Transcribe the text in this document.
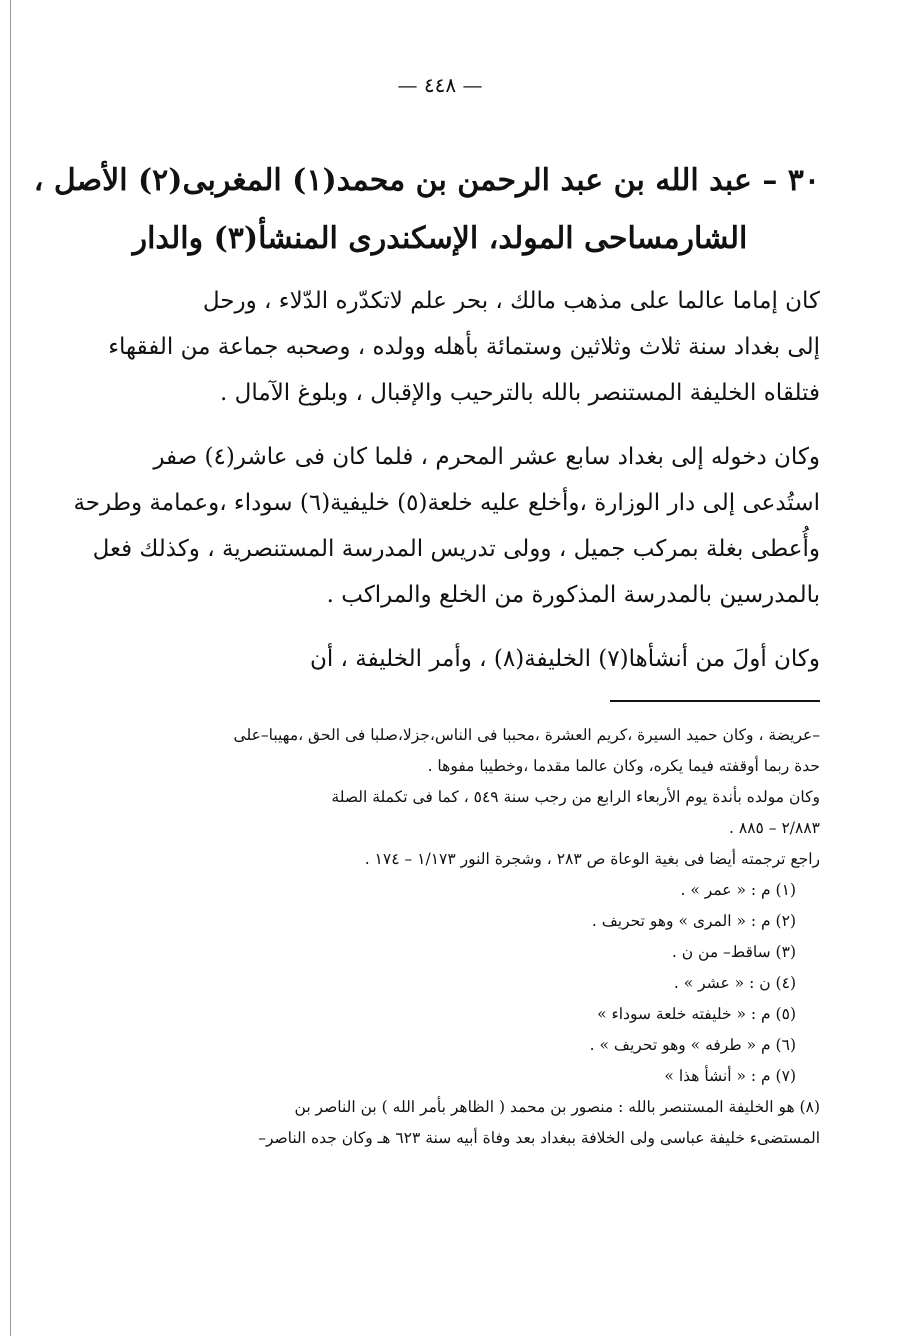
— ٤٤٨ —
٣٠ – عبد الله بن عبد الرحمن بن محمد(١) المغربى(٢) الأصل ،
الشارمساحى المولد، الإسكندرى المنشأ(٣) والدار
كان إماما عالما على مذهب مالك ، بحر علم لاتكدّره الدّلاء ، ورحل
إلى بغداد سنة ثلاث وثلاثين وستمائة بأهله وولده ، وصحبه جماعة من الفقهاء
فتلقاه الخليفة المستنصر بالله بالترحيب والإقبال ، وبلوغ الآمال .
وكان دخوله إلى بغداد سابع عشر المحرم ، فلما كان فى عاشر(٤) صفر
استُدعى إلى دار الوزارة ،وأخلع عليه خلعة(٥) خليفية(٦) سوداء ،وعمامة وطرحة
وأُعطى بغلة بمركب جميل ، وولى تدريس المدرسة المستنصرية ، وكذلك فعل
بالمدرسين بالمدرسة المذكورة من الخلع والمراكب .
وكان أولَ من أنشأها(٧) الخليفة(٨) ، وأمر الخليفة ، أن
–عريضة ، وكان حميد السيرة ،كريم العشرة ،محببا فى الناس،جزلا،صلبا فى الحق ،مهيبا–على
حدة ربما أوقفته فيما يكره، وكان عالما مقدما ،وخطيبا مفوها .
وكان مولده بأندة يوم الأربعاء الرابع من رجب سنة ٥٤٩ ، كما فى تكملة الصلة
٢/٨٨٣ – ٨٨٥ .
راجع ترجمته أيضا فى بغية الوعاة ص ٢٨٣ ، وشجرة النور ١/١٧٣ – ١٧٤ .
(١) م : « عمر » .
(٢) م : « المرى » وهو تحريف .
(٣) ساقط– من ن .
(٤) ن : « عشر » .
(٥) م : « خليفته خلعة سوداء »
(٦) م « طرفه » وهو تحريف » .
(٧) م : « أنشأ هذا »
(٨) هو الخليفة المستنصر بالله : منصور بن محمد ( الظاهر بأمر الله ) بن الناصر بن
المستضىء خليفة عباسى ولى الخلافة ببغداد بعد وفاة أبيه سنة ٦٢٣ هـ وكان جده الناصر–
